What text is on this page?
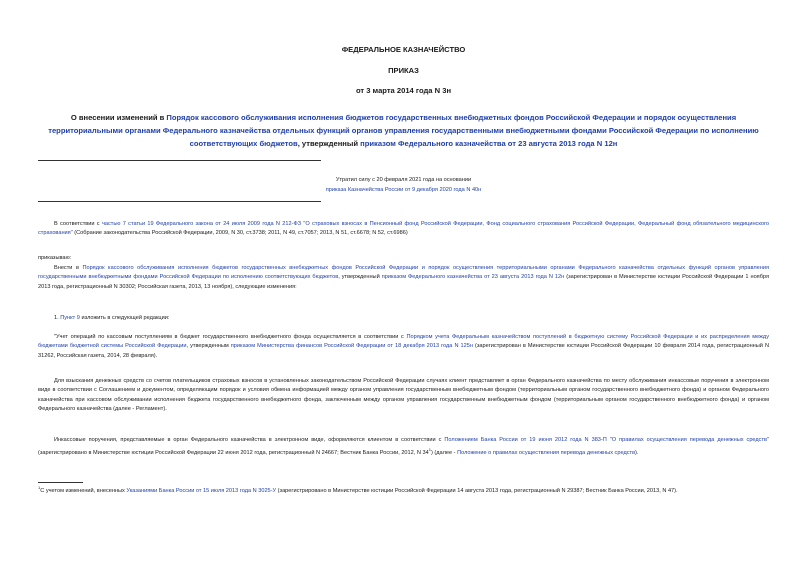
ФЕДЕРАЛЬНОЕ КАЗНАЧЕЙСТВО
ПРИКАЗ
от 3 марта 2014 года N 3н
О внесении изменений в Порядок кассового обслуживания исполнения бюджетов государственных внебюджетных фондов Российской Федерации и порядок осуществления территориальными органами Федерального казначейства отдельных функций органов управления государственными внебюджетными фондами Российской Федерации по исполнению соответствующих бюджетов, утвержденный приказом Федерального казначейства от 23 августа 2013 года N 12н
Утратил силу с 20 февраля 2021 года на основании
приказа Казначейства России от 9 декабря 2020 года N 40н
В соответствии с частью 7 статьи 19 Федерального закона от 24 июля 2009 года N 212-ФЗ "О страховых взносах в Пенсионный фонд Российской Федерации, Фонд социального страхования Российской Федерации, Федеральный фонд обязательного медицинского страхования" (Собрание законодательства Российской Федерации, 2009, N 30, ст.3738; 2011, N 49, ст.7057; 2013, N 51, ст.6678; N 52, ст.6986)
приказываю:
Внести в Порядок кассового обслуживания исполнения бюджетов государственных внебюджетных фондов Российской Федерации и порядок осуществления территориальными органами Федерального казначейства отдельных функций органов управления государственными внебюджетными фондами Российской Федерации по исполнению соответствующих бюджетов, утвержденный приказом Федерального казначейства от 23 августа 2013 года N 12н (зарегистрирован в Министерстве юстиции Российской Федерации 1 ноября 2013 года, регистрационный N 30302; Российская газета, 2013, 13 ноября), следующие изменения:
1. Пункт 9 изложить в следующей редакции:
"Учет операций по кассовым поступлениям в бюджет государственного внебюджетного фонда осуществляется в соответствии с Порядком учета Федеральным казначейством поступлений в бюджетную систему Российской Федерации и их распределения между бюджетами бюджетной системы Российской Федерации, утвержденным приказом Министерства финансов Российской Федерации от 18 декабря 2013 года N 125н (зарегистрирован в Министерстве юстиции Российской Федерации 10 февраля 2014 года, регистрационный N 31262, Российская газета, 2014, 28 февраля).
Для взыскания денежных средств со счетов плательщиков страховых взносов в установленных законодательством Российской Федерации случаях клиент представляет в орган Федерального казначейства по месту обслуживания инкассовые поручения в электронном виде в соответствии с Соглашением и документом, определяющим порядок и условия обмена информацией между органом управления государственным внебюджетным фондом (территориальным органом государственного внебюджетного фонда) и органом Федерального казначейства при кассовом обслуживании исполнения бюджета государственного внебюджетного фонда, заключенным между органом управления государственным внебюджетным фондом (территориальным органом государственного внебюджетного фонда) и органом Федерального казначейства (далее - Регламент).
Инкассовые поручения, представляемые в орган Федерального казначейства в электронном виде, оформляются клиентом в соответствии с Положением Банка России от 19 июня 2012 года N 383-П "О правилах осуществления перевода денежных средств" (зарегистрировано в Министерстве юстиции Российской Федерации 22 июня 2012 года, регистрационный N 24667; Вестник Банка России, 2012, N $34^1$) (далее - Положение о правилах осуществления перевода денежных средств).
$^1$С учетом изменений, внесенных Указаниями Банка России от 15 июля 2013 года N 3025-У (зарегистрировано в Министерстве юстиции Российской Федерации 14 августа 2013 года, регистрационный N 29387; Вестник Банка России, 2013, N 47).
